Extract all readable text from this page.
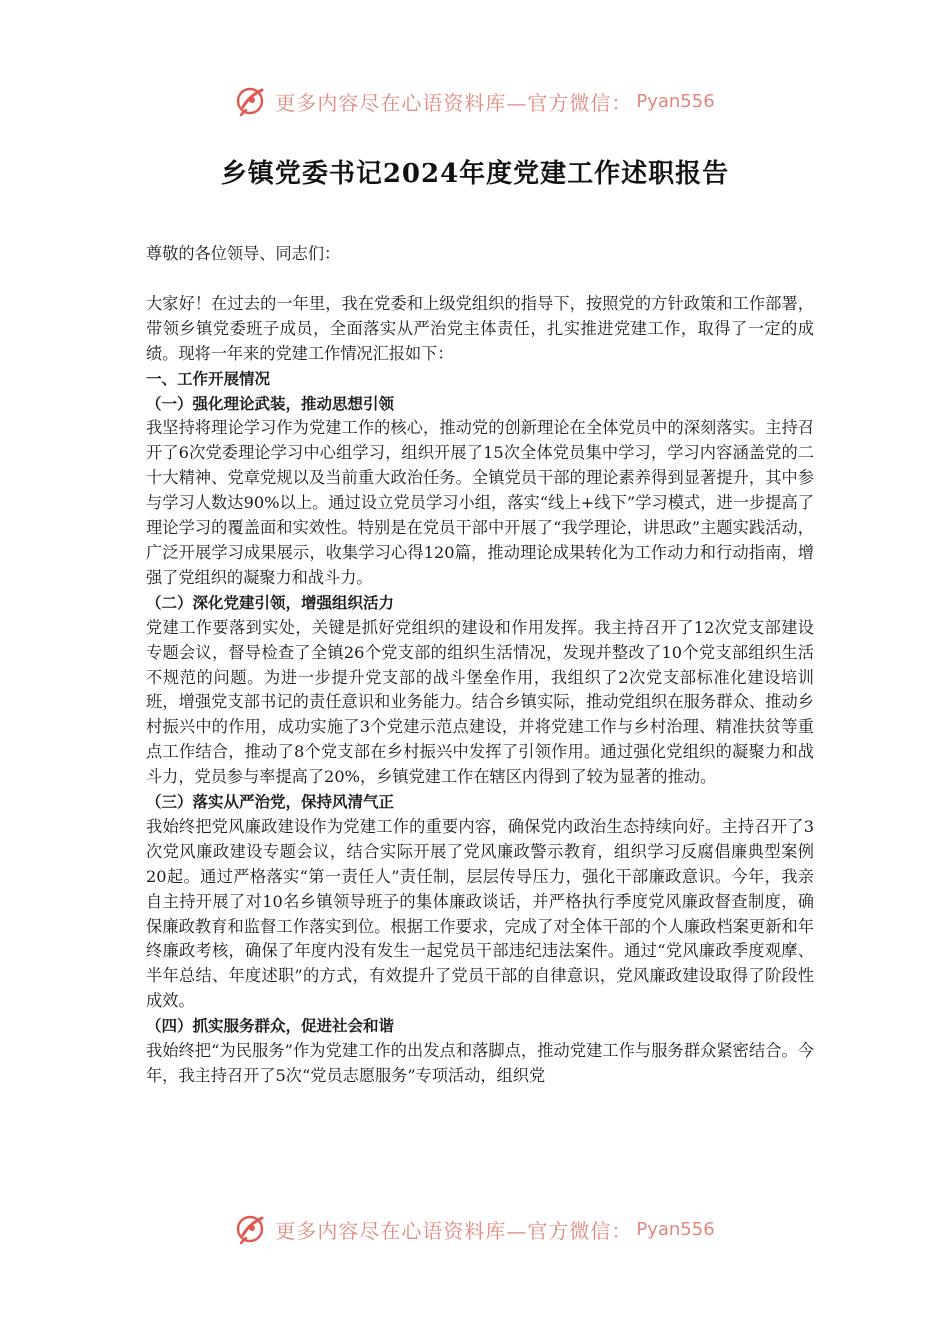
更多内容尽在心语资料库—官方微信： Pyan556
乡镇党委书记2024年度党建工作述职报告

尊敬的各位领导、同志们：

大家好！在过去的一年里，我在党委和上级党组织的指导下，按照党的方针政策和工作部署，带领乡镇党委班子成员，全面落实从严治党主体责任，扎实推进党建工作，取得了一定的成绩。现将一年来的党建工作情况汇报如下：

一、工作开展情况

（一）强化理论武装，推动思想引领

我坚持将理论学习作为党建工作的核心，推动党的创新理论在全体党员中的深刻落实。主持召开了6次党委理论学习中心组学习，组织开展了15次全体党员集中学习，学习内容涵盖党的二十大精神、党章党规以及当前重大政治任务。全镇党员干部的理论素养得到显著提升，其中参与学习人数达90%以上。通过设立党员学习小组，落实“线上+线下”学习模式，进一步提高了理论学习的覆盖面和实效性。特别是在党员干部中开展了“我学理论，讲思政”主题实践活动，广泛开展学习成果展示，收集学习心得120篇，推动理论成果转化为工作动力和行动指南，增强了党组织的凝聚力和战斗力。

（二）深化党建引领，增强组织活力

党建工作要落到实处，关键是抓好党组织的建设和作用发挥。我主持召开了12次党支部建设专题会议，督导检查了全镇26个党支部的组织生活情况，发现并整改了10个党支部组织生活不规范的问题。为进一步提升党支部的战斗堡垒作用，我组织了2次党支部标准化建设培训班，增强党支部书记的责任意识和业务能力。结合乡镇实际，推动党组织在服务群众、推动乡村振兴中的作用，成功实施了3个党建示范点建设，并将党建工作与乡村治理、精准扶贫等重点工作结合，推动了8个党支部在乡村振兴中发挥了引领作用。通过强化党组织的凝聚力和战斗力，党员参与率提高了20%，乡镇党建工作在辖区内得到了较为显著的推动。

（三）落实从严治党，保持风清气正

我始终把党风廉政建设作为党建工作的重要内容，确保党内政治生态持续向好。主持召开了3次党风廉政建设专题会议，结合实际开展了党风廉政警示教育，组织学习反腐倡廉典型案例20起。通过严格落实“第一责任人”责任制，层层传导压力，强化干部廉政意识。今年，我亲自主持开展了对10名乡镇领导班子的集体廉政谈话，并严格执行季度党风廉政督查制度，确保廉政教育和监督工作落实到位。根据工作要求，完成了对全体干部的个人廉政档案更新和年终廉政考核，确保了年度内没有发生一起党员干部违纪违法案件。通过“党风廉政季度观摩、半年总结、年度述职”的方式，有效提升了党员干部的自律意识，党风廉政建设取得了阶段性成效。

（四）抓实服务群众，促进社会和谐

我始终把“为民服务”作为党建工作的出发点和落脚点，推动党建工作与服务群众紧密结合。今年，我主持召开了5次“党员志愿服务”专项活动，组织党

更多内容尽在心语资料库—官方微信： Pyan556
